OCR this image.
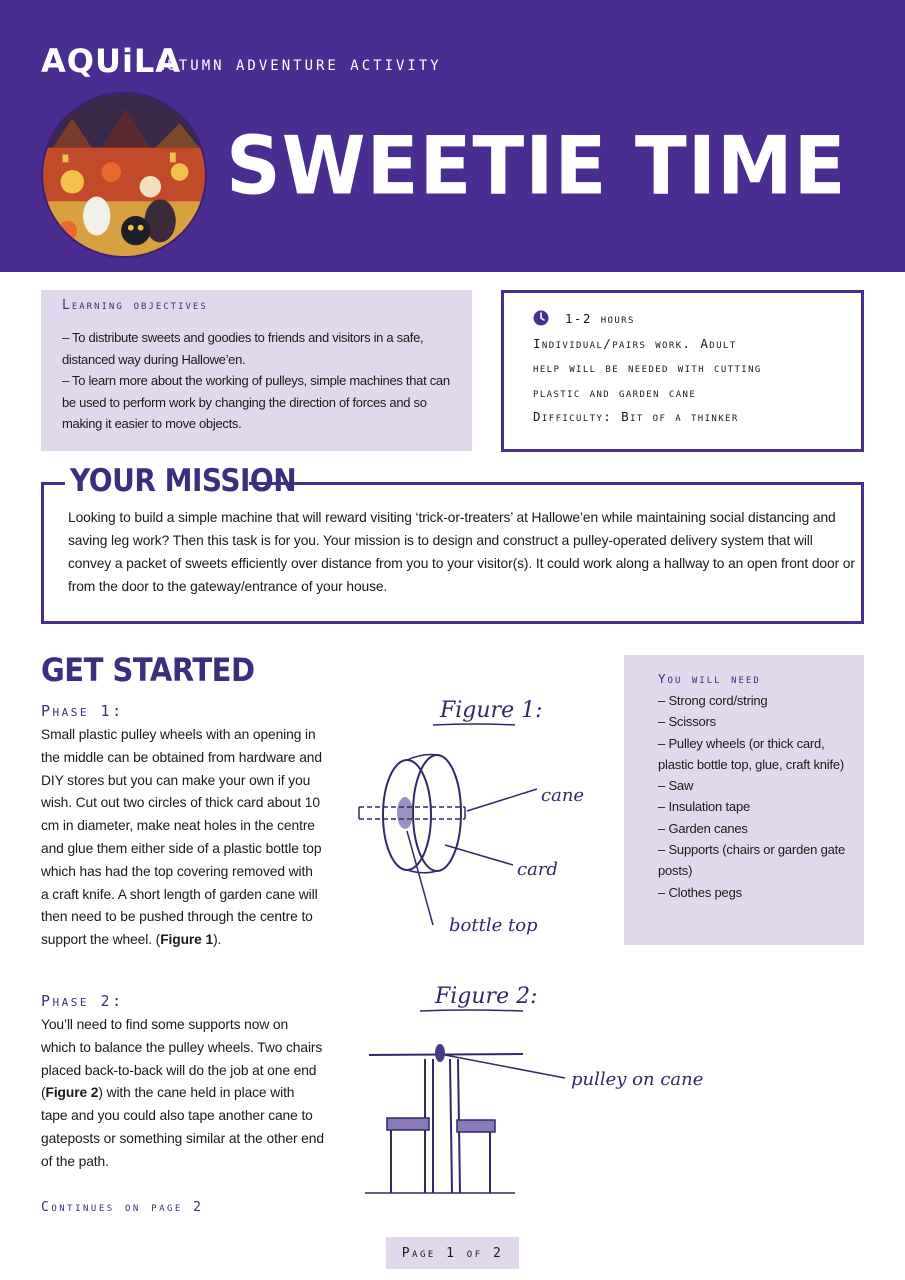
AQUiLA
AUTUMN ADVENTURE ACTIVITY
SWEETIE TIME
Learning objectives

– To distribute sweets and goodies to friends and visitors in a safe, distanced way during Hallowe’en.

– To learn more about the working of pulleys, simple machines that can be used to perform work by changing the direction of forces and so making it easier to move objects.

1-2 hours
Individual/pairs work. Adult
help will be needed with cutting
plastic and garden cane
Difficulty: Bit of a thinker
YOUR MISSION
Looking to build a simple machine that will reward visiting ‘trick-or-treaters’ at Hallowe’en while maintaining social distancing and saving leg work? Then this task is for you. Your mission is to design and construct a pulley-operated delivery system that will convey a packet of sweets efficiently over distance from you to your visitor(s). It could work along a hallway to an open front door or from the door to the gateway/entrance of your house.
GET STARTED
Phase 1:
Small plastic pulley wheels with an opening in the middle can be obtained from hardware and DIY stores but you can make your own if you wish. Cut out two circles of thick card about 10 cm in diameter, make neat holes in the centre and glue them either side of a plastic bottle top which has had the top covering removed with a craft knife. A short length of garden cane will then need to be pushed through the centre to support the wheel. (Figure 1).
Phase 2:
You’ll need to find some supports now on which to balance the pulley wheels. Two chairs placed back-to-back will do the job at one end (Figure 2) with the cane held in place with tape and you could also tape another cane to gateposts or something similar at the other end of the path.
Continues on page 2
Figure 1:
cane
card
bottle top
Figure 2:
pulley on cane
You will need
– Strong cord/string
– Scissors
– Pulley wheels (or thick card, plastic bottle top, glue, craft knife)
– Saw
– Insulation tape
– Garden canes
– Supports (chairs or garden gate posts)
– Clothes pegs
Page 1 of 2
